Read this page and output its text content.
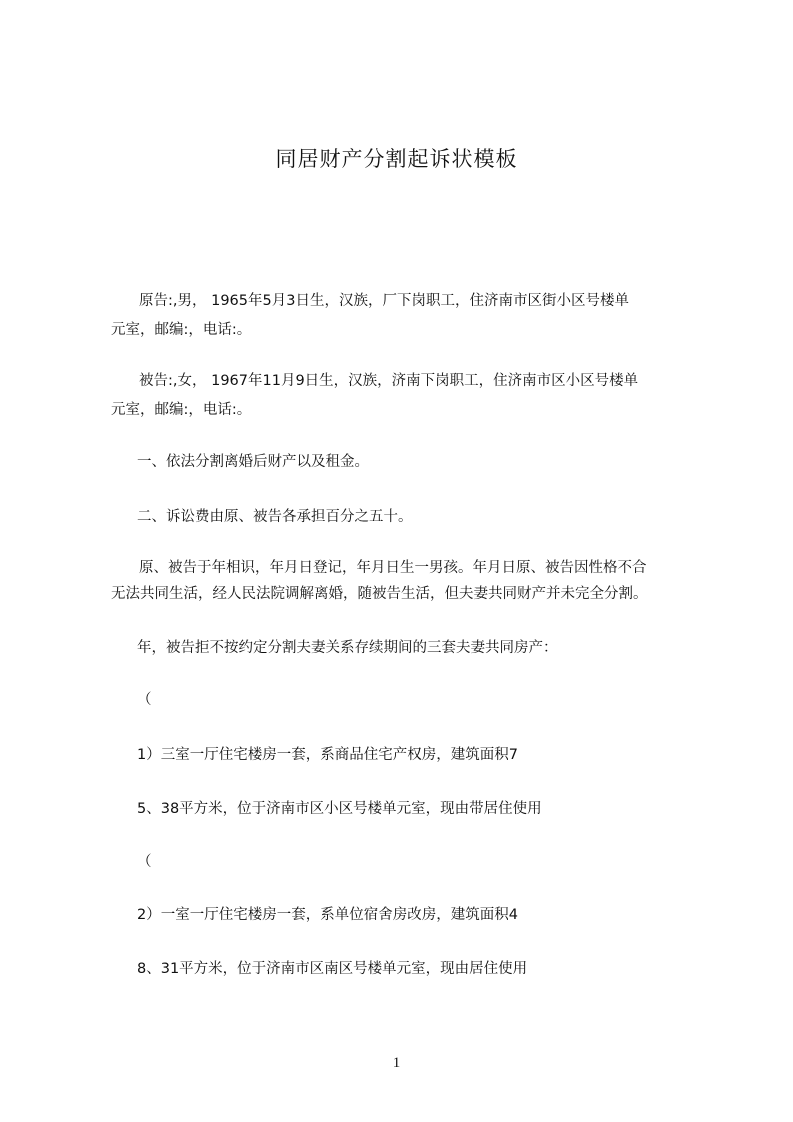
同居财产分割起诉状模板
原告:,男， 1965年5月3日生，汉族，厂下岗职工，住济南市区街小区号楼单
元室，邮编:，电话:。
被告:,女， 1967年11月9日生，汉族，济南下岗职工，住济南市区小区号楼单
元室，邮编:，电话:。
一、依法分割离婚后财产以及租金。
二、诉讼费由原、被告各承担百分之五十。
原、被告于年相识，年月日登记，年月日生一男孩。年月日原、被告因性格不合
无法共同生活，经人民法院调解离婚，随被告生活，但夫妻共同财产并未完全分割。
年，被告拒不按约定分割夫妻关系存续期间的三套夫妻共同房产：
（
1）三室一厅住宅楼房一套，系商品住宅产权房，建筑面积7
5、38平方米，位于济南市区小区号楼单元室，现由带居住使用
（
2）一室一厅住宅楼房一套，系单位宿舍房改房，建筑面积4
8、31平方米，位于济南市区南区号楼单元室，现由居住使用
1
